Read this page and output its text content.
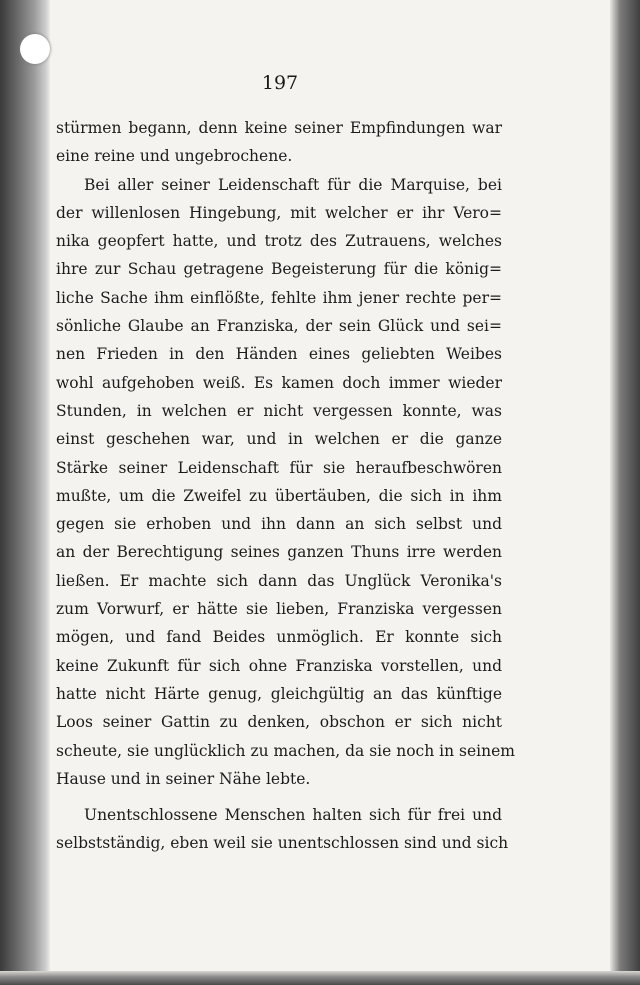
197
stürmen begann, denn keine seiner Empfindungen war
eine reine und ungebrochene.
Bei aller seiner Leidenschaft für die Marquise, bei
der willenlosen Hingebung, mit welcher er ihr Vero=
nika geopfert hatte, und trotz des Zutrauens, welches
ihre zur Schau getragene Begeisterung für die könig=
liche Sache ihm einflößte, fehlte ihm jener rechte per=
sönliche Glaube an Franziska, der sein Glück und sei=
nen Frieden in den Händen eines geliebten Weibes
wohl aufgehoben weiß. Es kamen doch immer wieder
Stunden, in welchen er nicht vergessen konnte, was
einst geschehen war, und in welchen er die ganze
Stärke seiner Leidenschaft für sie heraufbeschwören
mußte, um die Zweifel zu übertäuben, die sich in ihm
gegen sie erhoben und ihn dann an sich selbst und
an der Berechtigung seines ganzen Thuns irre werden
ließen. Er machte sich dann das Unglück Veronika's
zum Vorwurf, er hätte sie lieben, Franziska vergessen
mögen, und fand Beides unmöglich. Er konnte sich
keine Zukunft für sich ohne Franziska vorstellen, und
hatte nicht Härte genug, gleichgültig an das künftige
Loos seiner Gattin zu denken, obschon er sich nicht
scheute, sie unglücklich zu machen, da sie noch in seinem
Hause und in seiner Nähe lebte.
Unentschlossene Menschen halten sich für frei und
selbstständig, eben weil sie unentschlossen sind und sich
